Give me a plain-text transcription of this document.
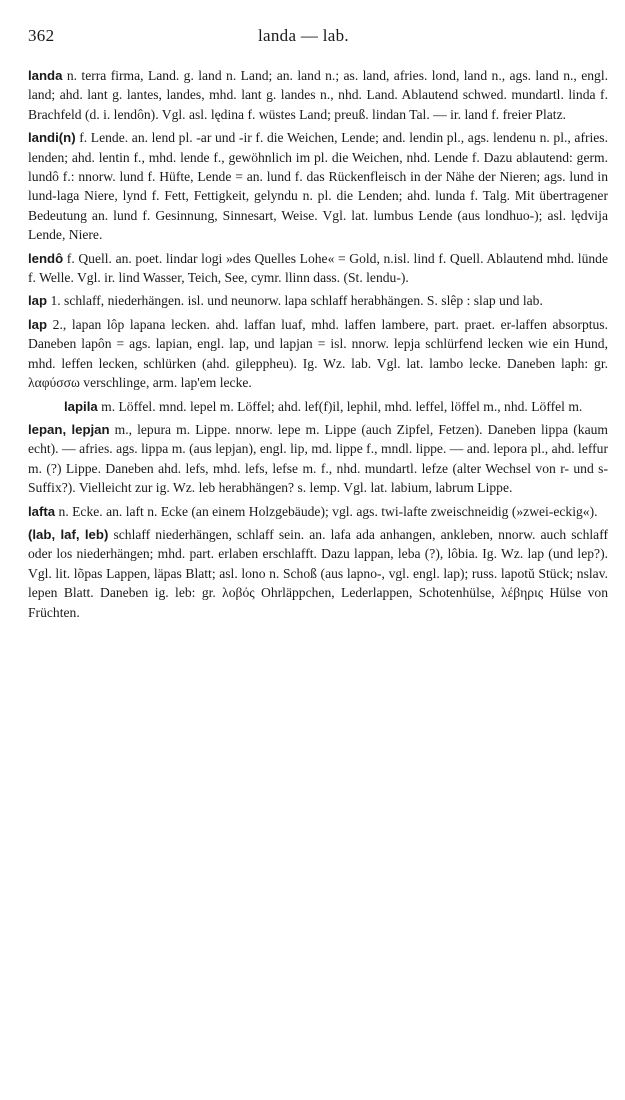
362	landa — lab.

landa n. terra firma, Land. g. land n. Land; an. land n.; as. land, afries. lond, land n., ags. land n., engl. land; ahd. lant g. lantes, landes, mhd. lant g. landes n., nhd. Land. Ablautend schwed. mundartl. linda f. Brachfeld (d. i. lendôn). Vgl. asl. lędina f. wüstes Land; preuß. lindan Tal. — ir. land f. freier Platz.

landi(n) f. Lende. an. lend pl. -ar und -ir f. die Weichen, Lende; and. lendin pl., ags. lendenu n. pl., afries. lenden; ahd. lentin f., mhd. lende f., gewöhnlich im pl. die Weichen, nhd. Lende f. Dazu ablautend: germ. lundô f.: nnorw. lund f. Hüfte, Lende = an. lund f. das Rückenfleisch in der Nähe der Nieren; ags. lund in lund-laga Niere, lynd f. Fett, Fettigkeit, gelyndu n. pl. die Lenden; ahd. lunda f. Talg. Mit übertragener Bedeutung an. lund f. Gesinnung, Sinnesart, Weise. Vgl. lat. lumbus Lende (aus londhuo-); asl. lędvija Lende, Niere.

lendô f. Quell. an. poet. lindar logi »des Quelles Lohe« = Gold, n.isl. lind f. Quell. Ablautend mhd. lünde f. Welle. Vgl. ir. lind Wasser, Teich, See, cymr. llinn dass. (St. lendu-).

lap 1. schlaff, niederhängen. isl. und neunorw. lapa schlaff herabhängen. S. slêp : slap und lab.

lap 2., lapan lôp lapana lecken. ahd. laffan luaf, mhd. laffen lambere, part. praet. er-laffen absorptus. Daneben lapôn = ags. lapian, engl. lap, und lapjan = isl. nnorw. lepja schlürfend lecken wie ein Hund, mhd. leffen lecken, schlürken (ahd. gileppheu). Ig. Wz. lab. Vgl. lat. lambo lecke. Daneben laph: gr. λαφύσσω verschlinge, arm. lap'em lecke.

lapila m. Löffel. mnd. lepel m. Löffel; ahd. lef(f)il, lephil, mhd. leffel, löffel m., nhd. Löffel m.

lepan, lepjan m., lepura m. Lippe. nnorw. lepe m. Lippe (auch Zipfel, Fetzen). Daneben lippa (kaum echt). — afries. ags. lippa m. (aus lepjan), engl. lip, md. lippe f., mndl. lippe. — and. lepora pl., ahd. leffur m. (?) Lippe. Daneben ahd. lefs, mhd. lefs, lefse m. f., nhd. mundartl. lefze (alter Wechsel von r- und s-Suffix?). Vielleicht zur ig. Wz. leb herabhängen? s. lemp. Vgl. lat. labium, labrum Lippe.

lafta n. Ecke. an. laft n. Ecke (an einem Holzgebäude); vgl. ags. twi-lafte zweischneidig (»zwei-eckig«).

(lab, laf, leb) schlaff niederhängen, schlaff sein. an. lafa ada anhangen, ankleben, nnorw. auch schlaff oder los niederhängen; mhd. part. erlaben erschlafft. Dazu lappan, leba (?), lôbia. Ig. Wz. lap (und lep?). Vgl. lit. lõpas Lappen, läpas Blatt; asl. lono n. Schoß (aus lapno-, vgl. engl. lap); russ. lapotŭ Stück; nslav. lepen Blatt. Daneben ig. leb: gr. λοβός Ohrläppchen, Lederlappen, Schotenhülse, λέβηρις Hülse von Früchten.
